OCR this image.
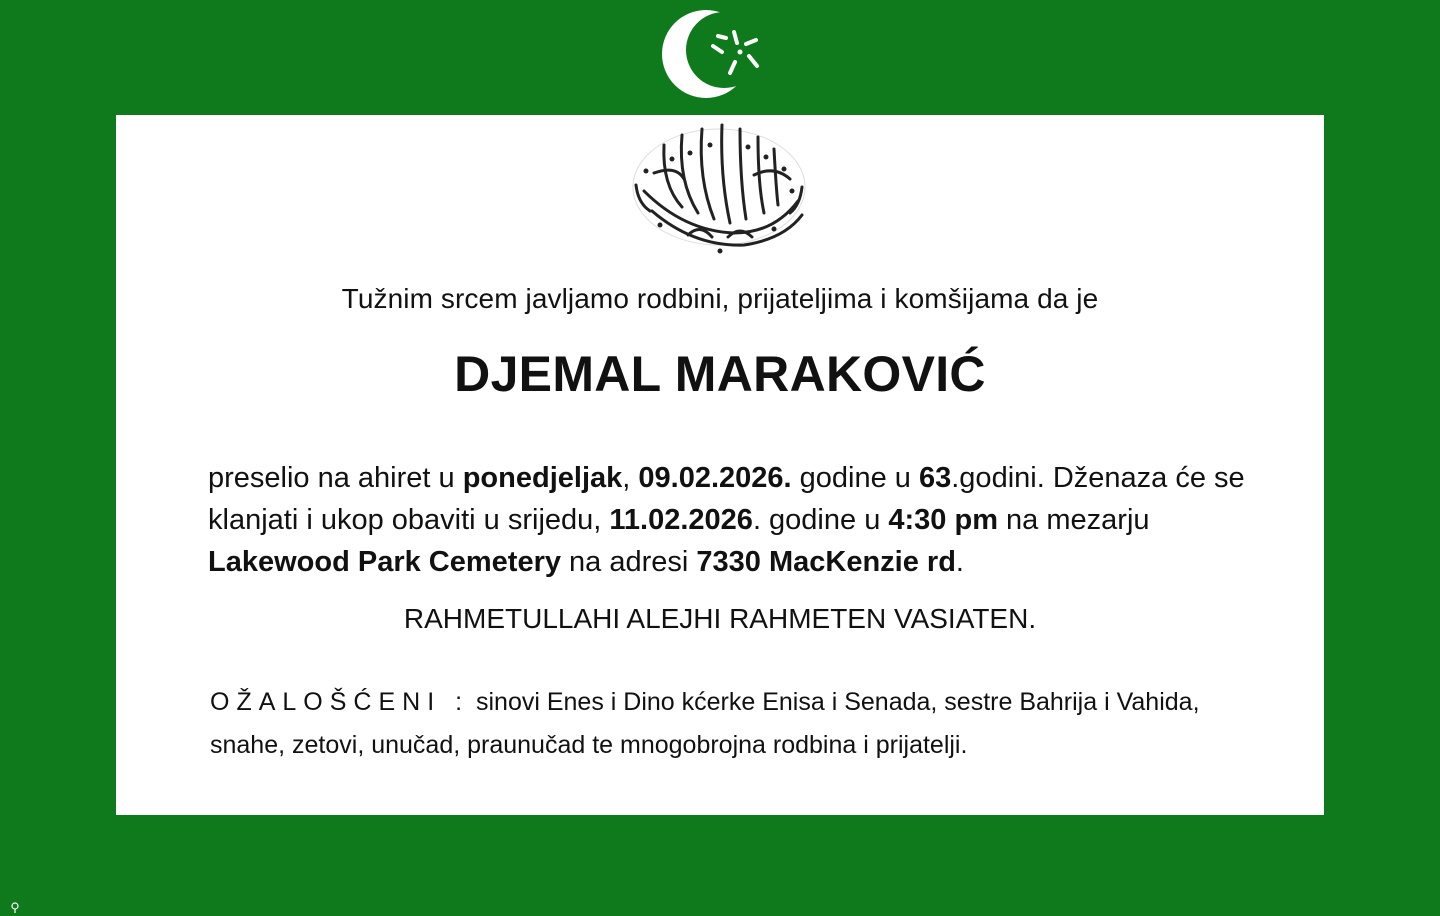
Tužnim srcem javljamo rodbini, prijateljima i komšijama da je
DJEMAL MARAKOVIĆ
preselio na ahiret u ponedjeljak, 09.02.2026. godine u 63.godini. Dženaza će se klanjati i ukop obaviti u srijedu, 11.02.2026. godine u 4:30 pm na mezarju Lakewood Park Cemetery na adresi 7330 MacKenzie rd.
RAHMETULLAHI ALEJHI RAHMETEN VASIATEN.
OŽALOŠĆENI : sinovi Enes i Dino kćerke Enisa i Senada, sestre Bahrija i Vahida, snahe, zetovi, unučad, praunučad te mnogobrojna rodbina i prijatelji.
